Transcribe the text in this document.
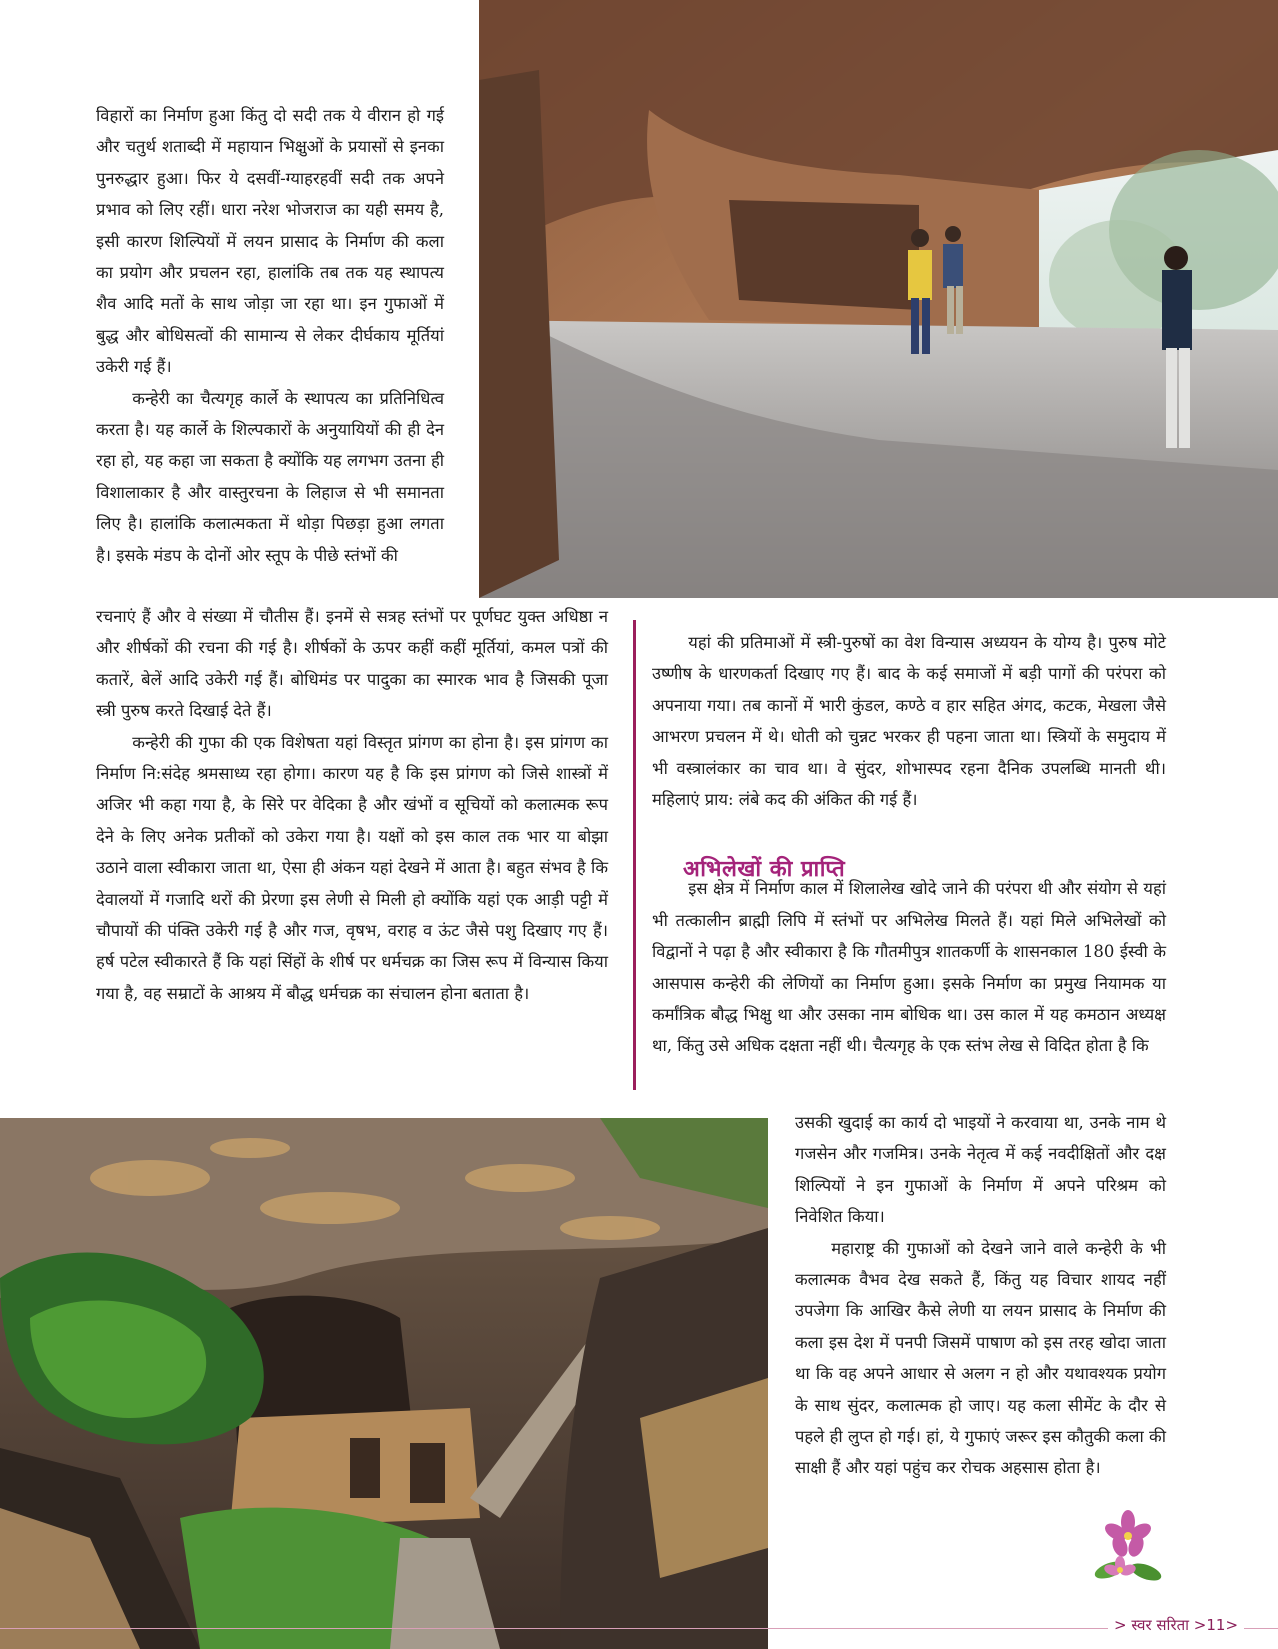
विहारों का निर्माण हुआ किंतु दो सदी तक ये वीरान हो गई और चतुर्थ शताब्दी में महायान भिक्षुओं के प्रयासों से इनका पुनरुद्धार हुआ। फिर ये दसवीं-ग्याहरहवीं सदी तक अपने प्रभाव को लिए रहीं। धारा नरेश भोजराज का यही समय है, इसी कारण शिल्पियों में लयन प्रासाद के निर्माण की कला का प्रयोग और प्रचलन रहा, हालांकि तब तक यह स्थापत्य शैव आदि मतों के साथ जोड़ा जा रहा था। इन गुफाओं में बुद्ध और बोधिसत्वों की सामान्य से लेकर दीर्घकाय मूर्तियां उकेरी गई हैं।

कन्हेरी का चैत्यगृह कार्ले के स्थापत्य का प्रतिनिधित्व करता है। यह कार्ले के शिल्पकारों के अनुयायियों की ही देन रहा हो, यह कहा जा सकता है क्योंकि यह लगभग उतना ही विशालाकार है और वास्तुरचना के लिहाज से भी समानता लिए है। हालांकि कलात्मकता में थोड़ा पिछड़ा हुआ लगता है। इसके मंडप के दोनों ओर स्तूप के पीछे स्तंभों की

रचनाएं हैं और वे संख्या में चौतीस हैं। इनमें से सत्रह स्तंभों पर पूर्णघट युक्त अधिष्ठा न और शीर्षकों की रचना की गई है। शीर्षकों के ऊपर कहीं कहीं मूर्तियां, कमल पत्रों की कतारें, बेलें आदि उकेरी गई हैं। बोधिमंड पर पादुका का स्मारक भाव है जिसकी पूजा स्त्री पुरुष करते दिखाई देते हैं।

कन्हेरी की गुफा की एक विशेषता यहां विस्तृत प्रांगण का होना है। इस प्रांगण का निर्माण नि:संदेह श्रमसाध्य रहा होगा। कारण यह है कि इस प्रांगण को जिसे शास्त्रों में अजिर भी कहा गया है, के सिरे पर वेदिका है और खंभों व सूचियों को कलात्मक रूप देने के लिए अनेक प्रतीकों को उकेरा गया है। यक्षों को इस काल तक भार या बोझा उठाने वाला स्वीकारा जाता था, ऐसा ही अंकन यहां देखने में आता है। बहुत संभव है कि देवालयों में गजादि थरों की प्रेरणा इस लेणी से मिली हो क्योंकि यहां एक आड़ी पट्टी में चौपायों की पंक्ति उकेरी गई है और गज, वृषभ, वराह व ऊंट जैसे पशु दिखाए गए हैं। हर्ष पटेल स्वीकारते हैं कि यहां सिंहों के शीर्ष पर धर्मचक्र का जिस रूप में विन्यास किया गया है, वह सम्राटों के आश्रय में बौद्ध धर्मचक्र का संचालन होना बताता है।

यहां की प्रतिमाओं में स्त्री-पुरुषों का वेश विन्यास अध्ययन के योग्य है। पुरुष मोटे उष्णीष के धारणकर्ता दिखाए गए हैं। बाद के कई समाजों में बड़ी पागों की परंपरा को अपनाया गया। तब कानों में भारी कुंडल, कण्ठे व हार सहित अंगद, कटक, मेखला जैसे आभरण प्रचलन में थे। धोती को चुन्नट भरकर ही पहना जाता था। स्त्रियों के समुदाय में भी वस्त्रालंकार का चाव था। वे सुंदर, शोभास्पद रहना दैनिक उपलब्धि मानती थी। महिलाएं प्राय: लंबे कद की अंकित की गई हैं।

इस क्षेत्र में निर्माण काल में शिलालेख खोदे जाने की परंपरा थी और संयोग से यहां भी तत्कालीन ब्राह्मी लिपि में स्तंभों पर अभिलेख मिलते हैं। यहां मिले अभिलेखों को विद्वानों ने पढ़ा है और स्वीकारा है कि गौतमीपुत्र शातकर्णी के शासनकाल 180 ईस्वी के आसपास कन्हेरी की लेणियों का निर्माण हुआ। इसके निर्माण का प्रमुख नियामक या कर्मांत्रिक बौद्ध भिक्षु था और उसका नाम बोधिक था। उस काल में यह कमठान अध्यक्ष था, किंतु उसे अधिक दक्षता नहीं थी। चैत्यगृह के एक स्तंभ लेख से विदित होता है कि

अभिलेखों की प्राप्ति

उसकी खुदाई का कार्य दो भाइयों ने करवाया था, उनके नाम थे गजसेन और गजमित्र। उनके नेतृत्व में कई नवदीक्षितों और दक्ष शिल्पियों ने इन गुफाओं के निर्माण में अपने परिश्रम को निवेशित किया।

महाराष्ट्र की गुफाओं को देखने जाने वाले कन्हेरी के भी कलात्मक वैभव देख सकते हैं, किंतु यह विचार शायद नहीं उपजेगा कि आखिर कैसे लेणी या लयन प्रासाद के निर्माण की कला इस देश में पनपी जिसमें पाषाण को इस तरह खोदा जाता था कि वह अपने आधार से अलग न हो और यथावश्यक प्रयोग के साथ सुंदर, कलात्मक हो जाए। यह कला सीमेंट के दौर से पहले ही लुप्त हो गई। हां, ये गुफाएं जरूर इस कौतुकी कला की साक्षी हैं और यहां पहुंच कर रोचक अहसास होता है।

> स्वर सरिता >11>
